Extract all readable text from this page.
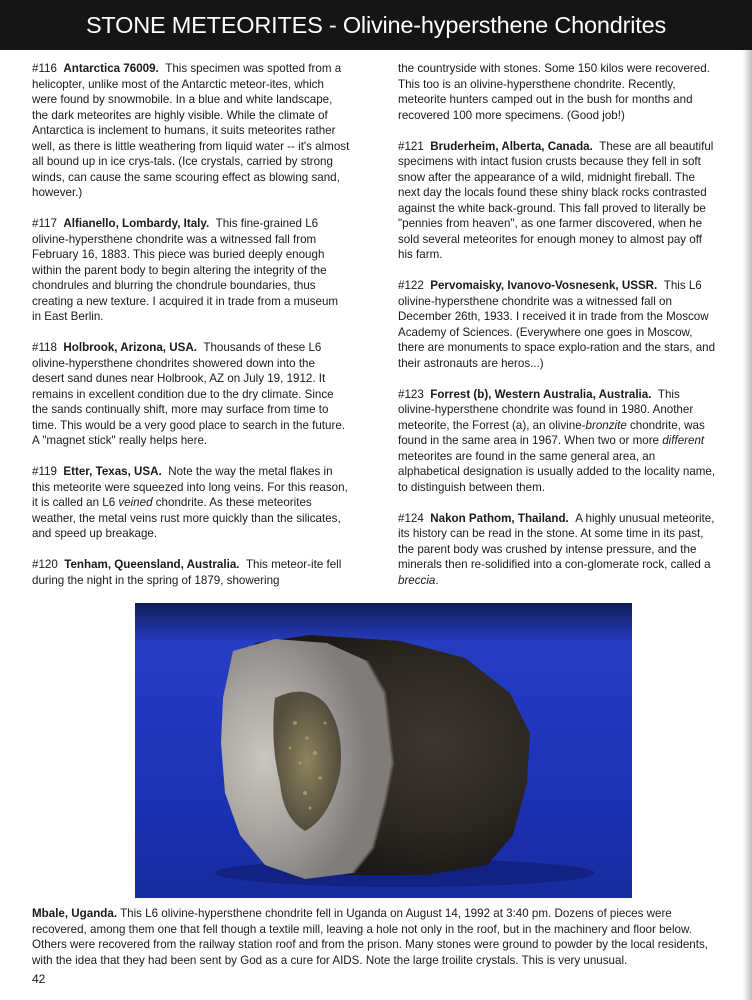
STONE METEORITES - Olivine-hypersthene Chondrites

#116 Antarctica 76009. This specimen was spotted from a helicopter, unlike most of the Antarctic meteor-ites, which were found by snowmobile. In a blue and white landscape, the dark meteorites are highly visible. While the climate of Antarctica is inclement to humans, it suits meteorites rather well, as there is little weathering from liquid water -- it's almost all bound up in ice crys-tals. (Ice crystals, carried by strong winds, can cause the same scouring effect as blowing sand, however.)

#117 Alfianello, Lombardy, Italy. This fine-grained L6 olivine-hypersthene chondrite was a witnessed fall from February 16, 1883. This piece was buried deeply enough within the parent body to begin altering the integrity of the chondrules and blurring the chondrule boundaries, thus creating a new texture. I acquired it in trade from a museum in East Berlin.

#118 Holbrook, Arizona, USA. Thousands of these L6 olivine-hypersthene chondrites showered down into the desert sand dunes near Holbrook, AZ on July 19, 1912. It remains in excellent condition due to the dry climate. Since the sands continually shift, more may surface from time to time. This would be a very good place to search in the future. A "magnet stick" really helps here.

#119 Etter, Texas, USA. Note the way the metal flakes in this meteorite were squeezed into long veins. For this reason, it is called an L6 veined chondrite. As these meteorites weather, the metal veins rust more quickly than the silicates, and speed up breakage.

#120 Tenham, Queensland, Australia. This meteor-ite fell during the night in the spring of 1879, showering

the countryside with stones. Some 150 kilos were recovered. This too is an olivine-hypersthene chondrite. Recently, meteorite hunters camped out in the bush for months and recovered 100 more specimens. (Good job!)

#121 Bruderheim, Alberta, Canada. These are all beautiful specimens with intact fusion crusts because they fell in soft snow after the appearance of a wild, midnight fireball. The next day the locals found these shiny black rocks contrasted against the white back-ground. This fall proved to literally be "pennies from heaven", as one farmer discovered, when he sold several meteorites for enough money to almost pay off his farm.

#122 Pervomaisky, Ivanovo-Vosnesenk, USSR. This L6 olivine-hypersthene chondrite was a witnessed fall on December 26th, 1933. I received it in trade from the Moscow Academy of Sciences. (Everywhere one goes in Moscow, there are monuments to space explo-ration and the stars, and their astronauts are heros...)

#123 Forrest (b), Western Australia, Australia. This olivine-hypersthene chondrite was found in 1980. Another meteorite, the Forrest (a), an olivine-bronzite chondrite, was found in the same area in 1967. When two or more different meteorites are found in the same general area, an alphabetical designation is usually added to the locality name, to distinguish between them.

#124 Nakon Pathom, Thailand. A highly unusual meteorite, its history can be read in the stone. At some time in its past, the parent body was crushed by intense pressure, and the minerals then re-solidified into a con-glomerate rock, called a breccia.

Mbale, Uganda. This L6 olivine-hypersthene chondrite fell in Uganda on August 14, 1992 at 3:40 pm. Dozens of pieces were recovered, among them one that fell though a textile mill, leaving a hole not only in the roof, but in the machinery and floor below. Others were recovered from the railway station roof and from the prison. Many stones were ground to powder by the local residents, with the idea that they had been sent by God as a cure for AIDS. Note the large troilite crystals. This is very unusual.
42
